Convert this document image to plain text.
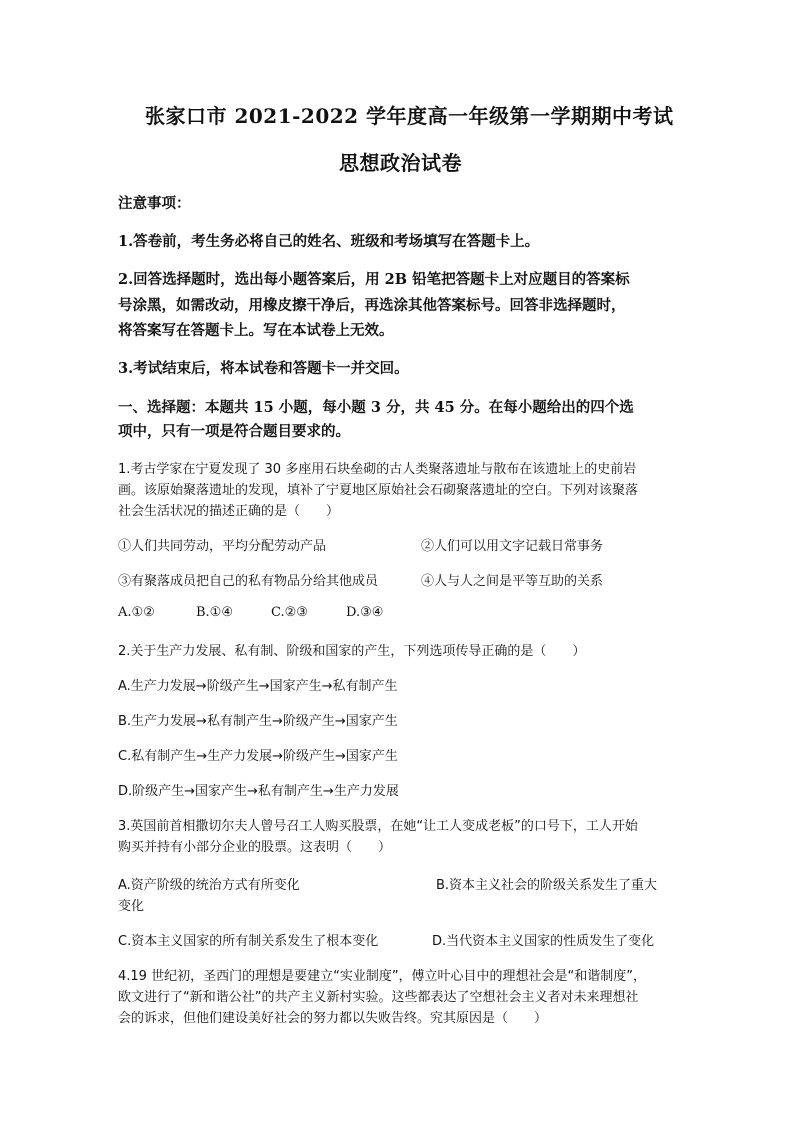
张家口市 2021-2022 学年度高一年级第一学期期中考试
思想政治试卷
注意事项：
1.答卷前，考生务必将自己的姓名、班级和考场填写在答题卡上。
2.回答选择题时，选出每小题答案后，用 2B 铅笔把答题卡上对应题目的答案标
号涂黑，如需改动，用橡皮擦干净后，再选涂其他答案标号。回答非选择题时，
将答案写在答题卡上。写在本试卷上无效。
3.考试结束后，将本试卷和答题卡一并交回。
一、选择题：本题共 15 小题，每小题 3 分，共 45 分。在每小题给出的四个选
项中，只有一项是符合题目要求的。
1.考古学家在宁夏发现了 30 多座用石块垒砌的古人类聚落遗址与散布在该遗址上的史前岩
画。该原始聚落遗址的发现，填补了宁夏地区原始社会石砌聚落遗址的空白。下列对该聚落
社会生活状况的描述正确的是（　　）
①人们共同劳动，平均分配劳动产品	②人们可以用文字记载日常事务
③有聚落成员把自己的私有物品分给其他成员	④人与人之间是平等互助的关系
A.①②	B.①④	C.②③	D.③④
2.关于生产力发展、私有制、阶级和国家的产生，下列选项传导正确的是（　　）
A.生产力发展→阶级产生→国家产生→私有制产生
B.生产力发展→私有制产生→阶级产生→国家产生
C.私有制产生→生产力发展→阶级产生→国家产生
D.阶级产生→国家产生→私有制产生→生产力发展
3.英国前首相撒切尔夫人曾号召工人购买股票，在她“让工人变成老板”的口号下，工人开始
购买并持有小部分企业的股票。这表明（　　）
A.资产阶级的统治方式有所变化	B.资本主义社会的阶级关系发生了重大
变化
C.资本主义国家的所有制关系发生了根本变化	D.当代资本主义国家的性质发生了变化
4.19 世纪初，圣西门的理想是要建立“实业制度”，傅立叶心目中的理想社会是“和谐制度”，
欧文进行了“新和谐公社”的共产主义新村实验。这些都表达了空想社会主义者对未来理想社
会的诉求，但他们建设美好社会的努力都以失败告终。究其原因是（　　）
